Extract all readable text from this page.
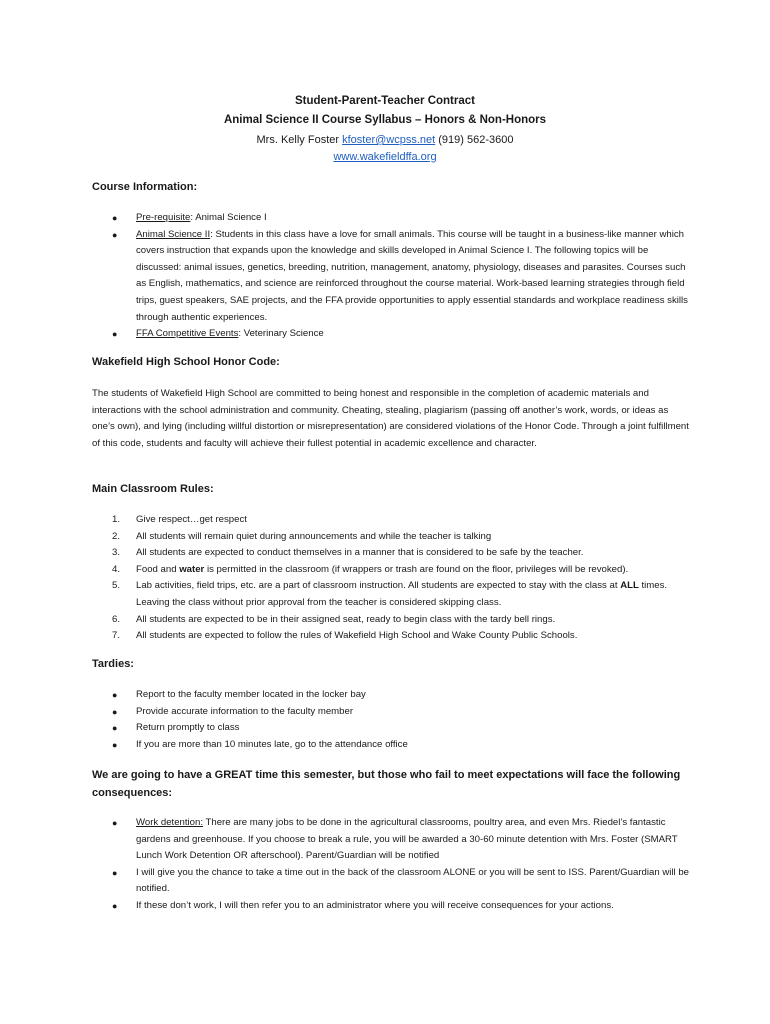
Student-Parent-Teacher Contract
Animal Science II Course Syllabus – Honors & Non-Honors
Mrs. Kelly Foster kfoster@wcpss.net (919) 562-3600
www.wakefieldffa.org
Course Information:
● Pre-requisite: Animal Science I
● Animal Science II: Students in this class have a love for small animals. This course will be taught in a business-like manner which covers instruction that expands upon the knowledge and skills developed in Animal Science I. The following topics will be discussed: animal issues, genetics, breeding, nutrition, management, anatomy, physiology, diseases and parasites. Courses such as English, mathematics, and science are reinforced throughout the course material. Work-based learning strategies through field trips, guest speakers, SAE projects, and the FFA provide opportunities to apply essential standards and workplace readiness skills through authentic experiences.
● FFA Competitive Events: Veterinary Science
Wakefield High School Honor Code:
The students of Wakefield High School are committed to being honest and responsible in the completion of academic materials and interactions with the school administration and community. Cheating, stealing, plagiarism (passing off another’s work, words, or ideas as one’s own), and lying (including willful distortion or misrepresentation) are considered violations of the Honor Code. Through a joint fulfillment of this code, students and faculty will achieve their fullest potential in academic excellence and character.
Main Classroom Rules:
1. Give respect…get respect
2. All students will remain quiet during announcements and while the teacher is talking
3. All students are expected to conduct themselves in a manner that is considered to be safe by the teacher.
4. Food and water is permitted in the classroom (if wrappers or trash are found on the floor, privileges will be revoked).
5. Lab activities, field trips, etc. are a part of classroom instruction. All students are expected to stay with the class at ALL times. Leaving the class without prior approval from the teacher is considered skipping class.
6. All students are expected to be in their assigned seat, ready to begin class with the tardy bell rings.
7. All students are expected to follow the rules of Wakefield High School and Wake County Public Schools.
Tardies:
● Report to the faculty member located in the locker bay
● Provide accurate information to the faculty member
● Return promptly to class
● If you are more than 10 minutes late, go to the attendance office
We are going to have a GREAT time this semester, but those who fail to meet expectations will face the following consequences:
● Work detention: There are many jobs to be done in the agricultural classrooms, poultry area, and even Mrs. Riedel’s fantastic gardens and greenhouse. If you choose to break a rule, you will be awarded a 30-60 minute detention with Mrs. Foster (SMART Lunch Work Detention OR afterschool). Parent/Guardian will be notified
● I will give you the chance to take a time out in the back of the classroom ALONE or you will be sent to ISS. Parent/Guardian will be notified.
● If these don’t work, I will then refer you to an administrator where you will receive consequences for your actions.
